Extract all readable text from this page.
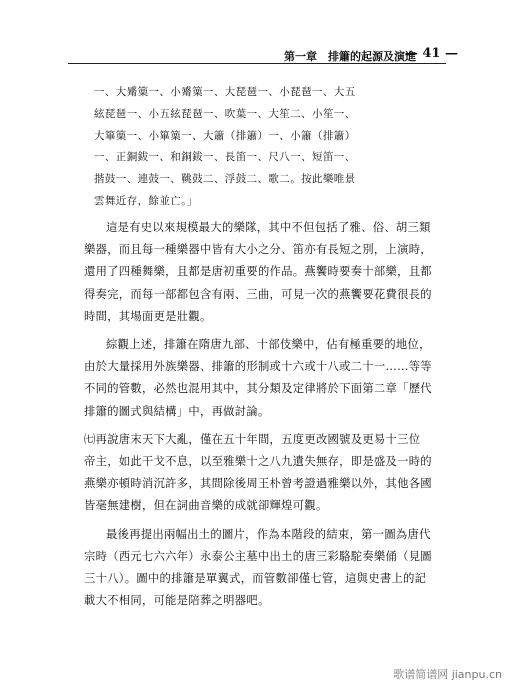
第一章　排簫的起源及演進
— 41 —
一、大觱篥一、小觱篥一、大琵琶一、小琵琶一、大五
絃琵琶一、小五絃琵琶一、吹葉一、大笙二、小笙一、
大篳篥一、小篳篥一、大簫（排簫）一、小簫（排簫）
一、正銅鈸一、和銅鈸一、長笛一、尺八一、短笛一、
揩鼓一、連鼓一、鞉鼓二、浮鼓二、歌二。按此樂唯景
雲舞近存，餘並亡。」
這是有史以來規模最大的樂隊，其中不但包括了雅、俗、胡三類
樂器，而且每一種樂器中皆有大小之分、笛亦有長短之別，上演時，
還用了四種舞樂，且都是唐初重要的作品。燕饗時要奏十部樂，且都
得奏完，而每一部都包含有兩、三曲，可見一次的燕饗要花費很長的
時間，其場面更是壯觀。
綜觀上述，排簫在隋唐九部、十部伎樂中，佔有極重要的地位，
由於大量採用外族樂器、排簫的形制或十六或十八或二十一……等等
不同的管數，必然也混用其中，其分類及定律將於下面第二章「歷代
排簫的圖式與結構」中，再做討論。
㈦再說唐末天下大亂，僅在五十年間，五度更改國號及更易十三位
帝主，如此干戈不息，以至雅樂十之八九遺失無存，即是盛及一時的
燕樂亦頓時消沉許多，其間除後周王朴曾考證過雅樂以外，其他各國
皆毫無建樹，但在詞曲音樂的成就卻輝煌可觀。
最後再提出兩幅出土的圖片，作為本階段的結束，第一圖為唐代
宗時（西元七六六年）永泰公主墓中出土的唐三彩駱駝奏樂俑（見圖
三十八）。圖中的排簫是單翼式，而管數卻僅七管，這與史書上的記
載大不相同，可能是陪葬之明器吧。
歌谱简谱网 jianpu.cn
